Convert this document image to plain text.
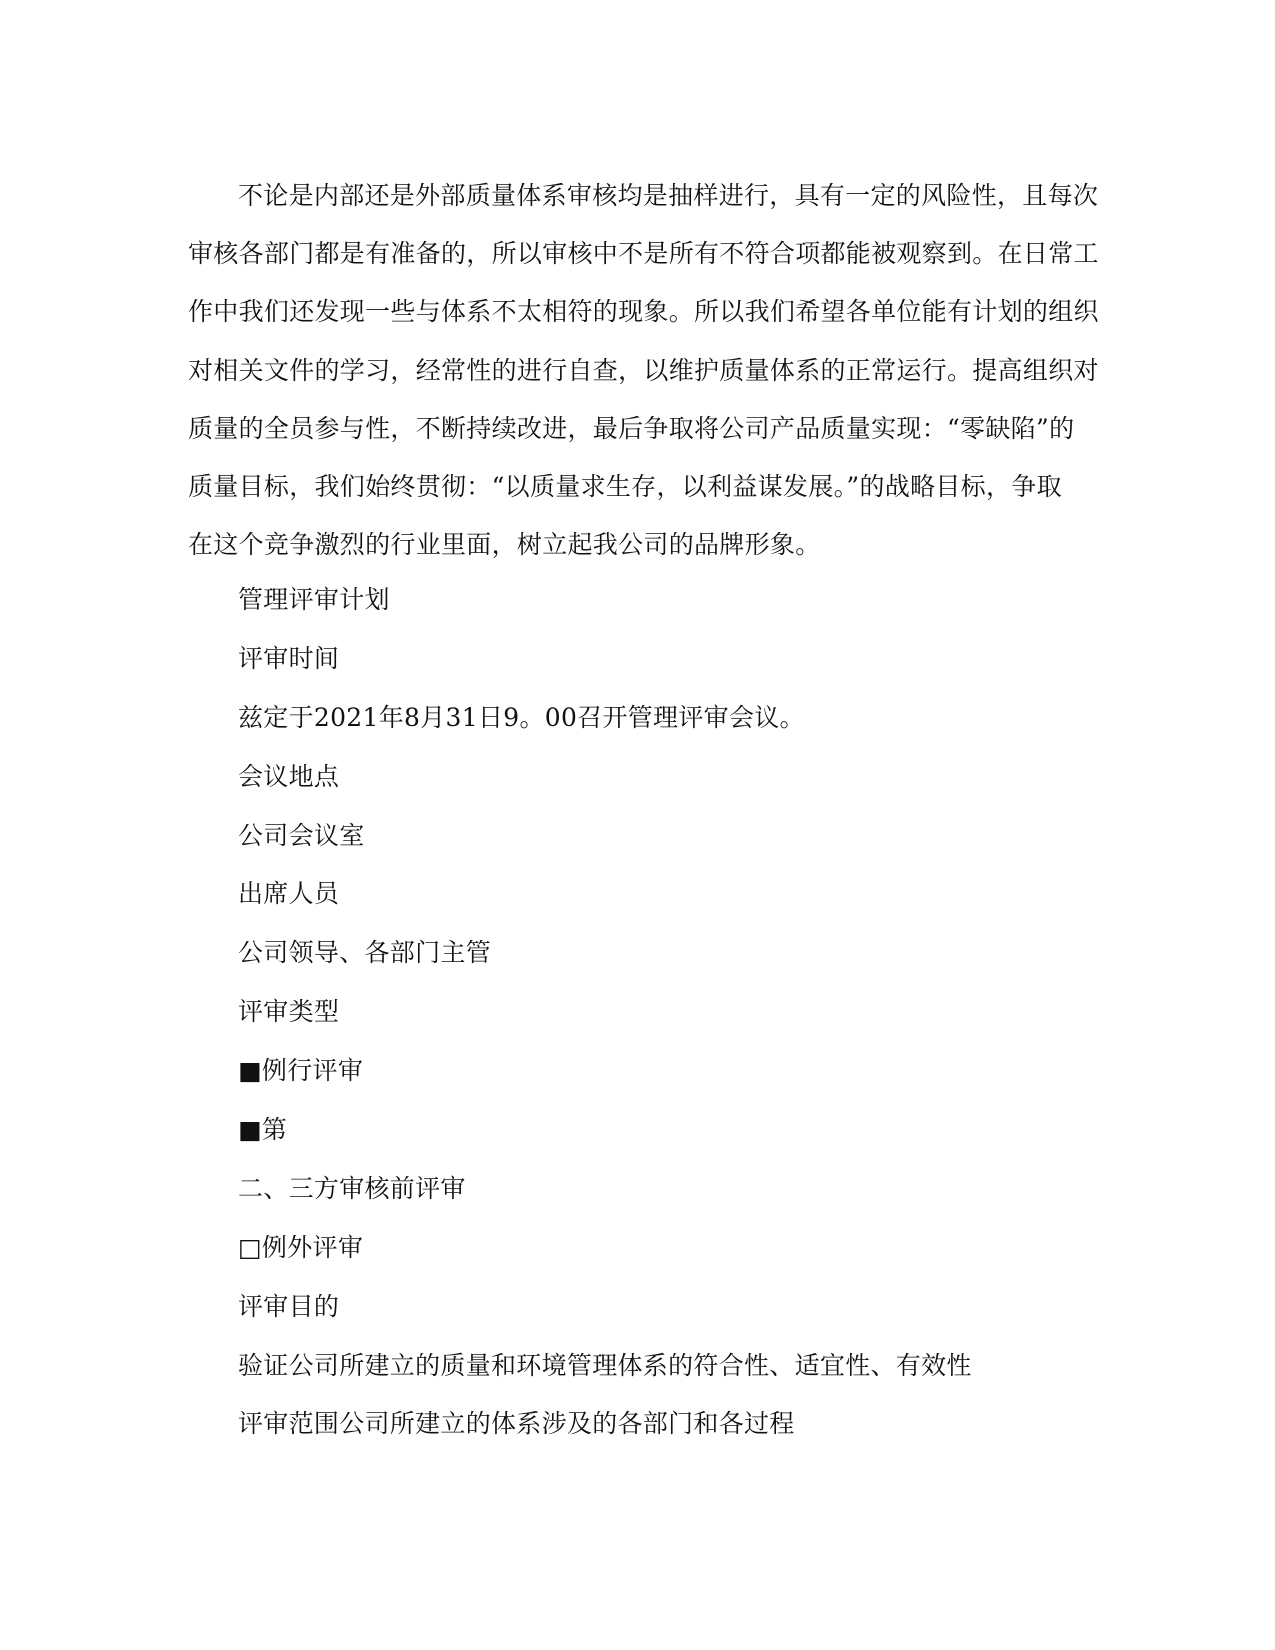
不论是内部还是外部质量体系审核均是抽样进行，具有一定的风险性，且每次
审核各部门都是有准备的，所以审核中不是所有不符合项都能被观察到。在日常工
作中我们还发现一些与体系不太相符的现象。所以我们希望各单位能有计划的组织
对相关文件的学习，经常性的进行自查，以维护质量体系的正常运行。提高组织对
质量的全员参与性，不断持续改进，最后争取将公司产品质量实现：“零缺陷”的
质量目标，我们始终贯彻：“以质量求生存，以利益谋发展。”的战略目标，争取
在这个竞争激烈的行业里面，树立起我公司的品牌形象。
管理评审计划
评审时间
兹定于2021年8月31日9。00召开管理评审会议。
会议地点
公司会议室
出席人员
公司领导、各部门主管
评审类型
■例行评审
■第
二、三方审核前评审
□例外评审
评审目的
验证公司所建立的质量和环境管理体系的符合性、适宜性、有效性
评审范围公司所建立的体系涉及的各部门和各过程
